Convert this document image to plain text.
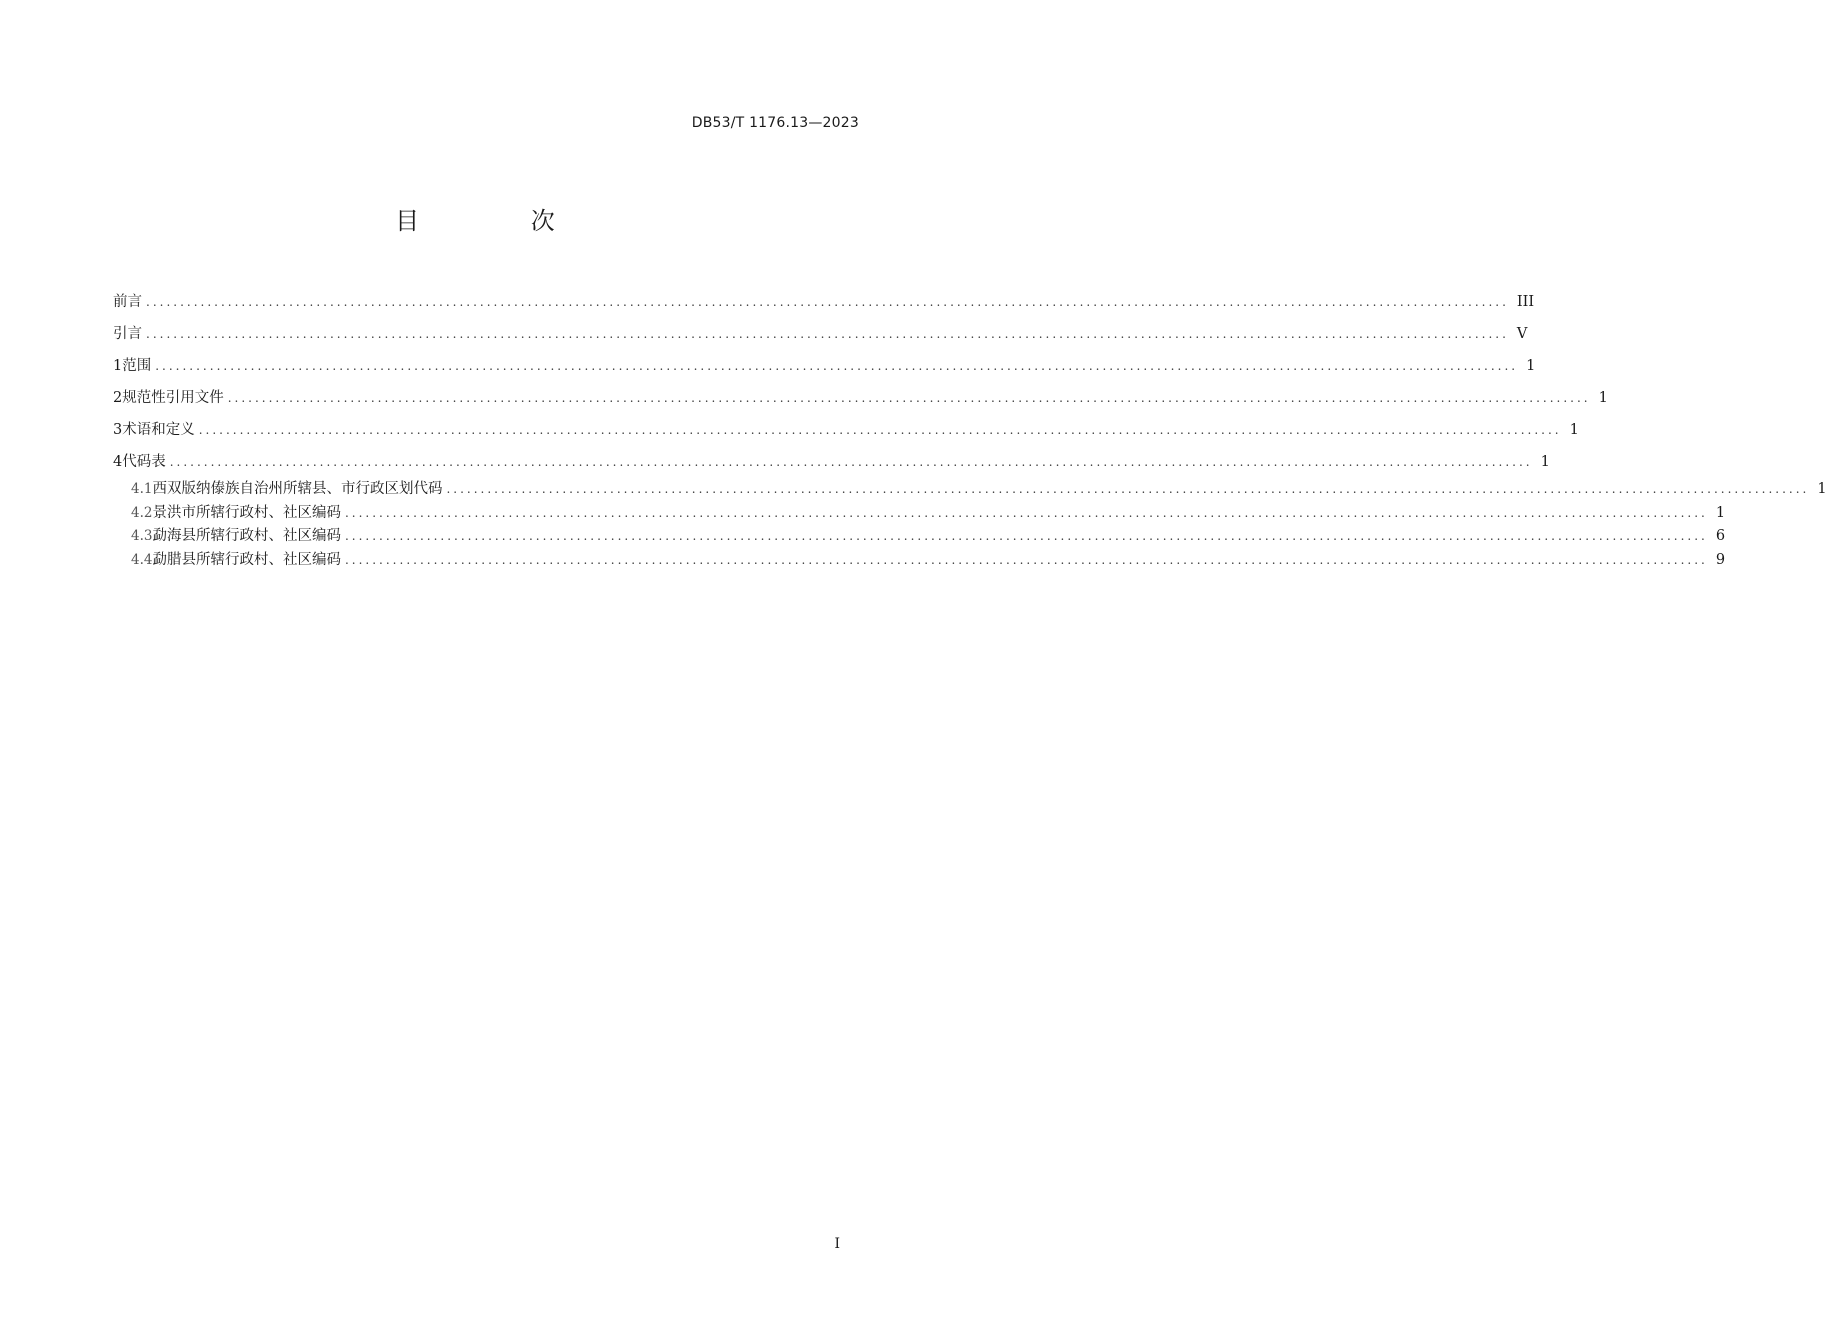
DB53/T 1176.13—2023
目 次
前言 ........................................................................................................................................................................................................ III
引言 ........................................................................................................................................................................................................ V
1 范围 ........................................................................................................................................................................................................ 1
2 规范性引用文件 ........................................................................................................................................................................................................ 1
3 术语和定义 ........................................................................................................................................................................................................ 1
4 代码表 ........................................................................................................................................................................................................ 1
4.1 西双版纳傣族自治州所辖县、市行政区划代码 ........................................................................................................................................................................................................ 1
4.2 景洪市所辖行政村、社区编码 ........................................................................................................................................................................................................ 1
4.3 勐海县所辖行政村、社区编码 ........................................................................................................................................................................................................ 6
4.4 勐腊县所辖行政村、社区编码 ........................................................................................................................................................................................................ 9
I
